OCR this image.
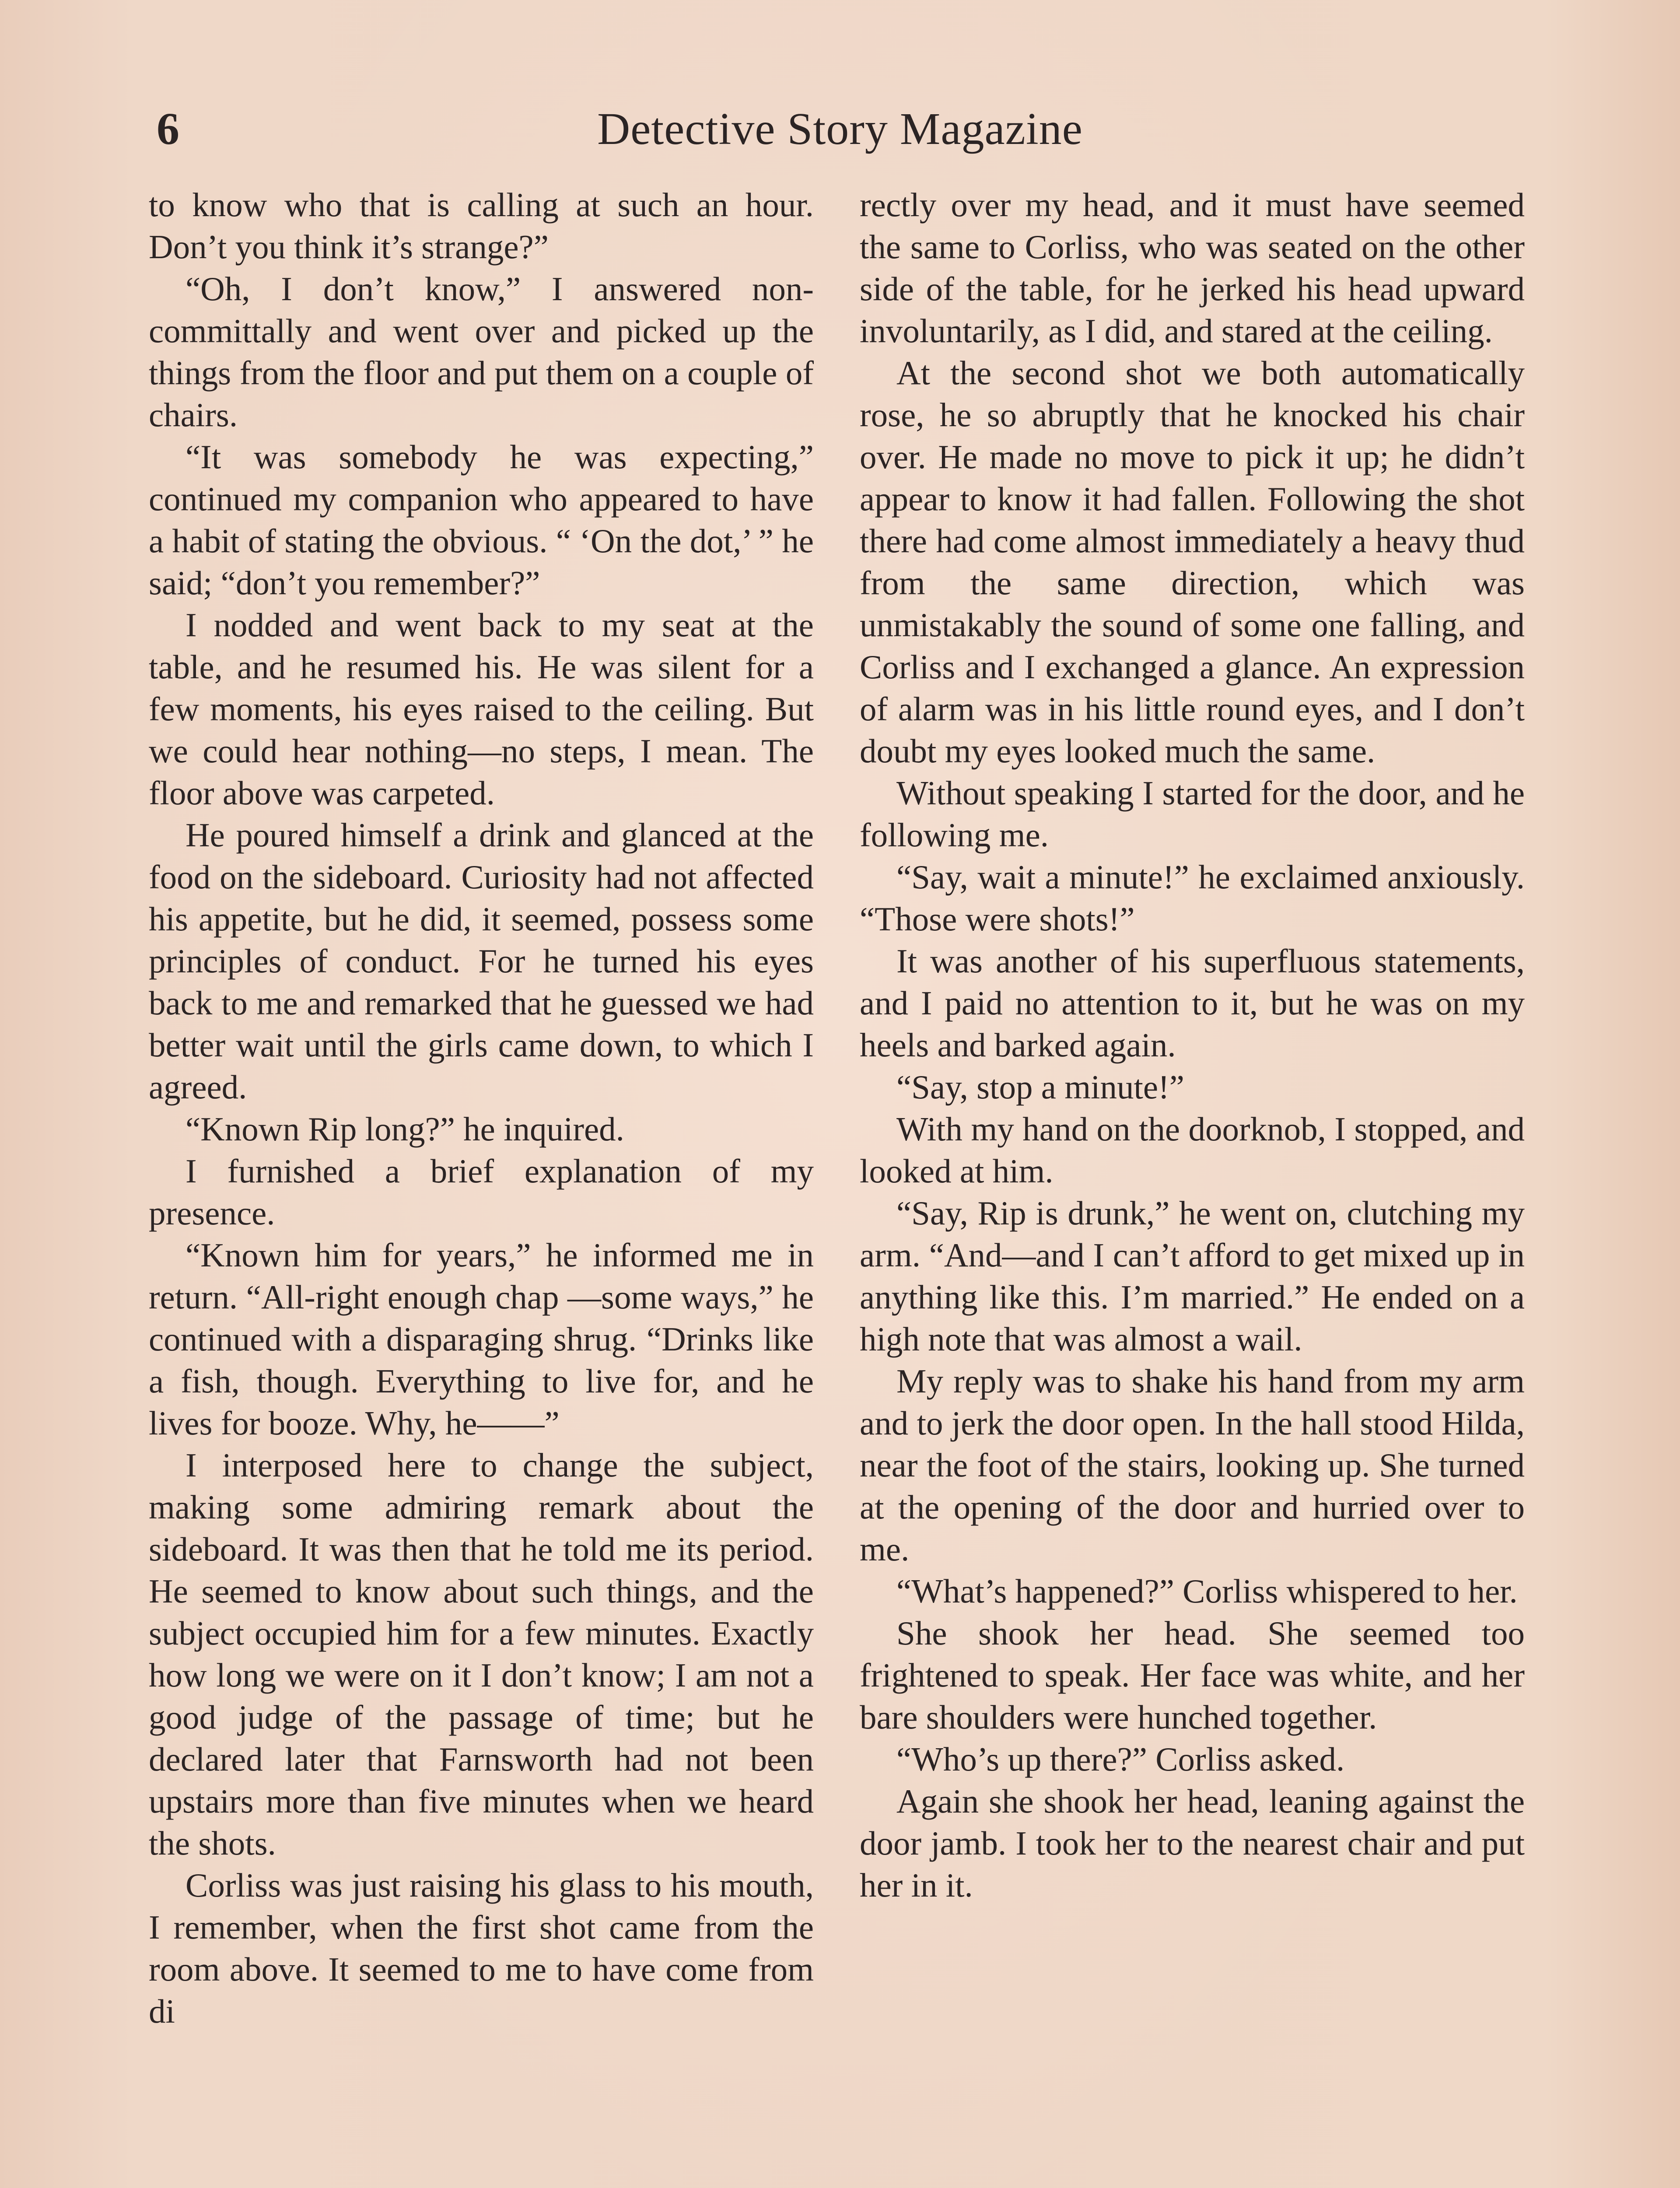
6	Detective Story Magazine

to know who that is calling at such an hour. Don’t you think it’s strange?”

“Oh, I don’t know,” I answered noncommittally and went over and picked up the things from the floor and put them on a couple of chairs.

“It was somebody he was expecting,” continued my companion who appeared to have a habit of stating the obvious. “ ‘On the dot,’ ” he said; “don’t you remember?”

I nodded and went back to my seat at the table, and he resumed his. He was silent for a few moments, his eyes raised to the ceiling. But we could hear nothing—no steps, I mean. The floor above was carpeted.

He poured himself a drink and glanced at the food on the sideboard. Curiosity had not affected his appetite, but he did, it seemed, possess some principles of conduct. For he turned his eyes back to me and remarked that he guessed we had better wait until the girls came down, to which I agreed.

“Known Rip long?” he inquired.

I furnished a brief explanation of my presence.

“Known him for years,” he informed me in return. “All-right enough chap —some ways,” he continued with a disparaging shrug. “Drinks like a fish, though. Everything to live for, and he lives for booze. Why, he——”

I interposed here to change the subject, making some admiring remark about the sideboard. It was then that he told me its period. He seemed to know about such things, and the subject occupied him for a few minutes. Exactly how long we were on it I don’t know; I am not a good judge of the passage of time; but he declared later that Farnsworth had not been upstairs more than five minutes when we heard the shots.

Corliss was just raising his glass to his mouth, I remember, when the first shot came from the room above. It seemed to me to have come from di

rectly over my head, and it must have seemed the same to Corliss, who was seated on the other side of the table, for he jerked his head upward involuntarily, as I did, and stared at the ceiling.

At the second shot we both automatically rose, he so abruptly that he knocked his chair over. He made no move to pick it up; he didn’t appear to know it had fallen. Following the shot there had come almost immediately a heavy thud from the same direction, which was unmistakably the sound of some one falling, and Corliss and I exchanged a glance. An expression of alarm was in his little round eyes, and I don’t doubt my eyes looked much the same.

Without speaking I started for the door, and he following me.

“Say, wait a minute!” he exclaimed anxiously. “Those were shots!”

It was another of his superfluous statements, and I paid no attention to it, but he was on my heels and barked again.

“Say, stop a minute!”

With my hand on the doorknob, I stopped, and looked at him.

“Say, Rip is drunk,” he went on, clutching my arm. “And—and I can’t afford to get mixed up in anything like this. I’m married.” He ended on a high note that was almost a wail.

My reply was to shake his hand from my arm and to jerk the door open. In the hall stood Hilda, near the foot of the stairs, looking up. She turned at the opening of the door and hurried over to me.

“What’s happened?” Corliss whispered to her.

She shook her head. She seemed too frightened to speak. Her face was white, and her bare shoulders were hunched together.

“Who’s up there?” Corliss asked.

Again she shook her head, leaning against the door jamb. I took her to the nearest chair and put her in it.
